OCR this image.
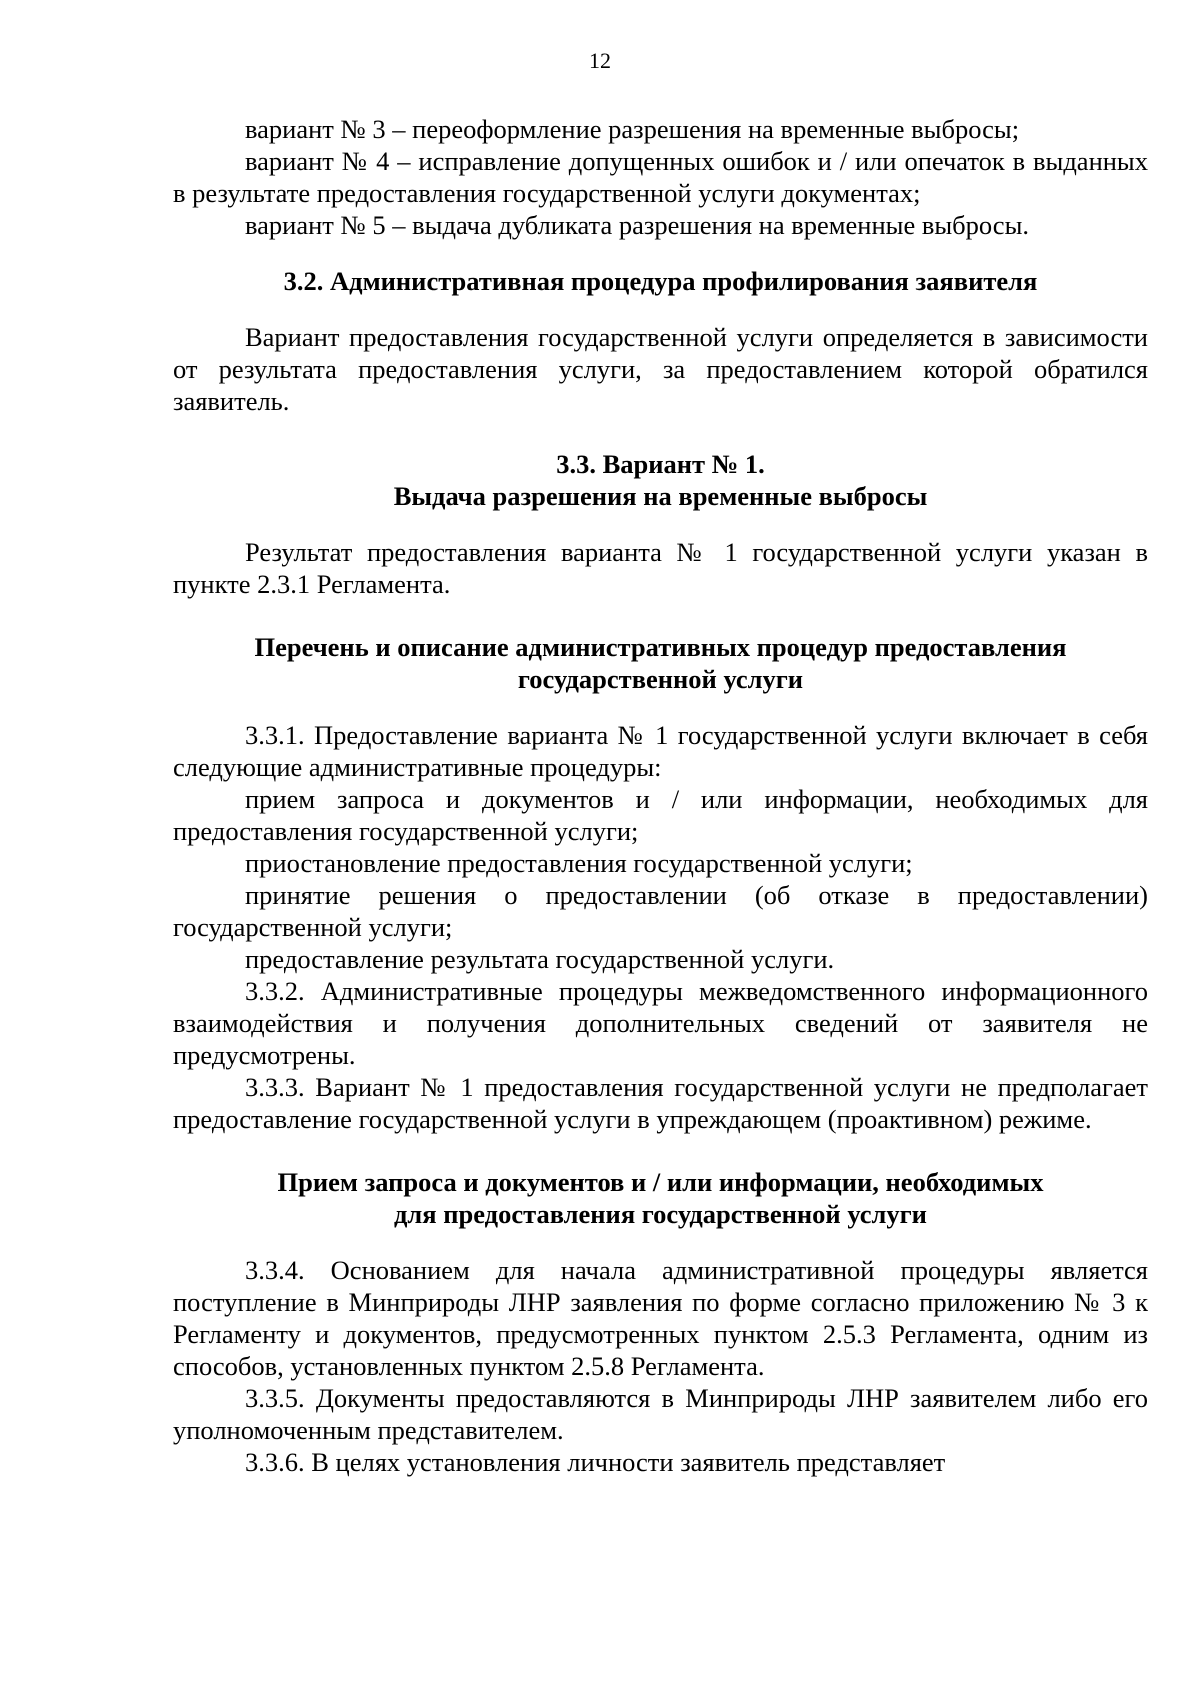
12

вариант № 3 – переоформление разрешения на временные выбросы;

вариант № 4 – исправление допущенных ошибок и / или опечаток в выданных в результате предоставления государственной услуги документах;

вариант № 5 – выдача дубликата разрешения на временные выбросы.

3.2. Административная процедура профилирования заявителя

Вариант предоставления государственной услуги определяется в зависимости от результата предоставления услуги, за предоставлением которой обратился заявитель.

3.3. Вариант № 1.
Выдача разрешения на временные выбросы

Результат предоставления варианта № 1 государственной услуги указан в пункте 2.3.1 Регламента.

Перечень и описание административных процедур предоставления
государственной услуги

3.3.1. Предоставление варианта № 1 государственной услуги включает в себя следующие административные процедуры:

прием запроса и документов и / или информации, необходимых для предоставления государственной услуги;

приостановление предоставления государственной услуги;

принятие решения о предоставлении (об отказе в предоставлении) государственной услуги;

предоставление результата государственной услуги.

3.3.2. Административные процедуры межведомственного информационного взаимодействия и получения дополнительных сведений от заявителя не предусмотрены.

3.3.3. Вариант № 1 предоставления государственной услуги не предполагает предоставление государственной услуги в упреждающем (проактивном) режиме.

Прием запроса и документов и / или информации, необходимых
для предоставления государственной услуги

3.3.4. Основанием для начала административной процедуры является поступление в Минприроды ЛНР заявления по форме согласно приложению № 3 к Регламенту и документов, предусмотренных пунктом 2.5.3 Регламента, одним из способов, установленных пунктом 2.5.8 Регламента.

3.3.5. Документы предоставляются в Минприроды ЛНР заявителем либо его уполномоченным представителем.

3.3.6. В целях установления личности заявитель представляет
